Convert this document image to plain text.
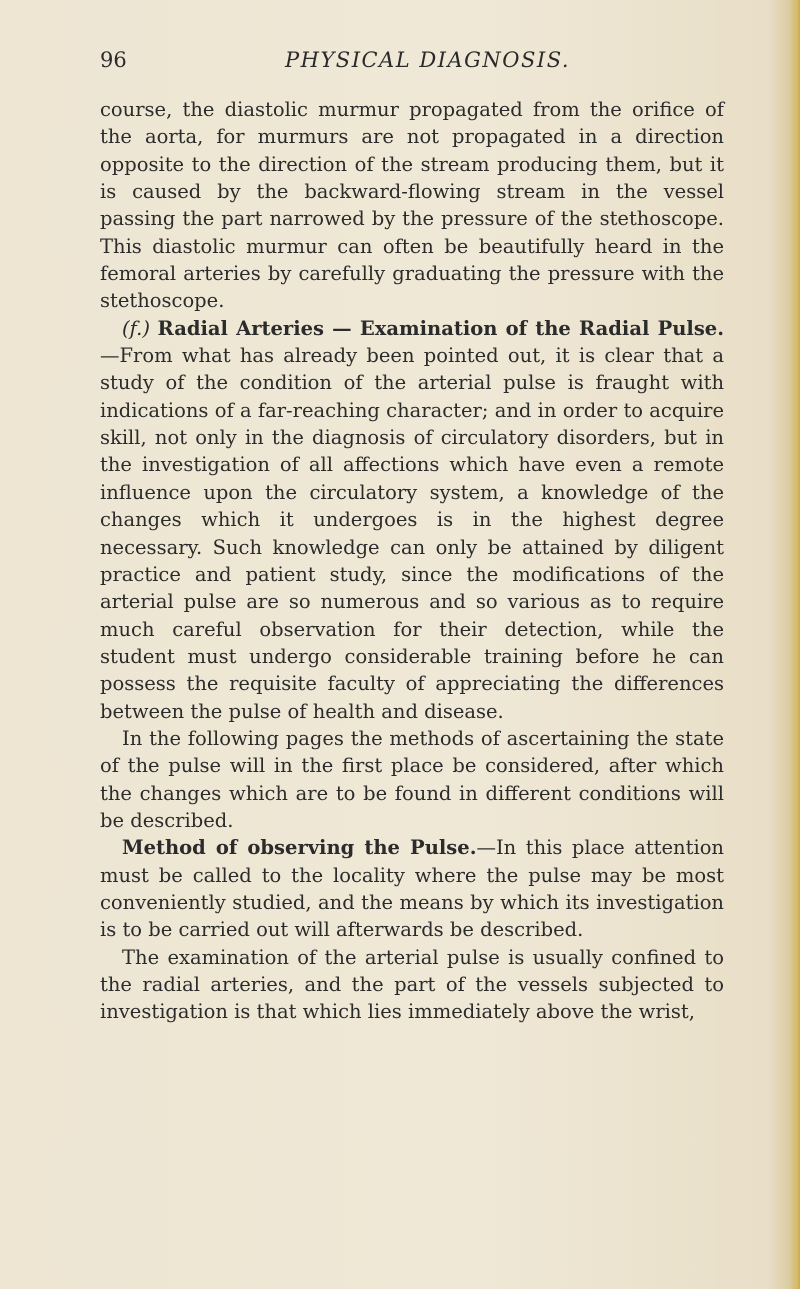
96	PHYSICAL DIAGNOSIS.

course, the diastolic murmur propagated from the orifice of the aorta, for murmurs are not propagated in a direction opposite to the direction of the stream producing them, but it is caused by the backward-flowing stream in the vessel passing the part narrowed by the pressure of the stethoscope. This diastolic murmur can often be beautifully heard in the femoral arteries by carefully graduating the pressure with the stethoscope.

(f.) Radial Arteries — Examination of the Radial Pulse.—From what has already been pointed out, it is clear that a study of the condition of the arterial pulse is fraught with indications of a far-reaching character; and in order to acquire skill, not only in the diagnosis of circulatory disorders, but in the investigation of all affections which have even a remote influence upon the circulatory system, a knowledge of the changes which it undergoes is in the highest degree necessary. Such knowledge can only be attained by diligent practice and patient study, since the modifications of the arterial pulse are so numerous and so various as to require much careful observation for their detection, while the student must undergo considerable training before he can possess the requisite faculty of appreciating the differences between the pulse of health and disease.

In the following pages the methods of ascertaining the state of the pulse will in the first place be considered, after which the changes which are to be found in different conditions will be described.

Method of observing the Pulse.—In this place attention must be called to the locality where the pulse may be most conveniently studied, and the means by which its investigation is to be carried out will afterwards be described.

The examination of the arterial pulse is usually confined to the radial arteries, and the part of the vessels subjected to investigation is that which lies immediately above the wrist,
